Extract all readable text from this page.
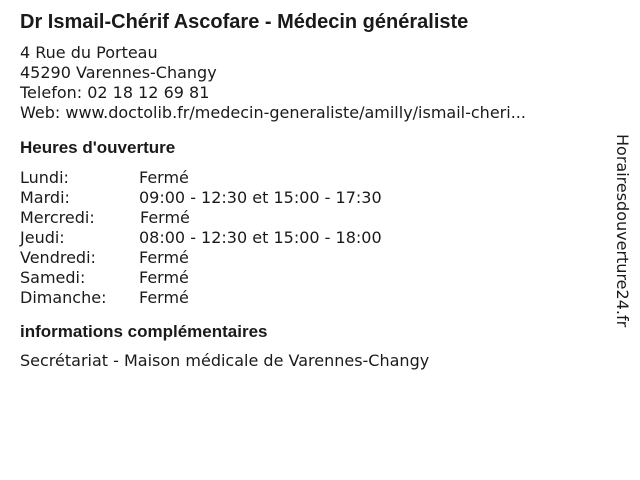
Dr Ismail-Chérif Ascofare - Médecin généraliste
4 Rue du Porteau
45290 Varennes-Changy
Telefon: 02 18 12 69 81
Web: www.doctolib.fr/medecin-generaliste/amilly/ismail-cheri...
Heures d'ouverture
Lundi:	Fermé
Mardi:	09:00 - 12:30 et 15:00 - 17:30
Mercredi:	Fermé
Jeudi:	08:00 - 12:30 et 15:00 - 18:00
Vendredi:	Fermé
Samedi:	Fermé
Dimanche:	Fermé
informations complémentaires
Secrétariat - Maison médicale de Varennes-Changy
Horairesdouverture24.fr
